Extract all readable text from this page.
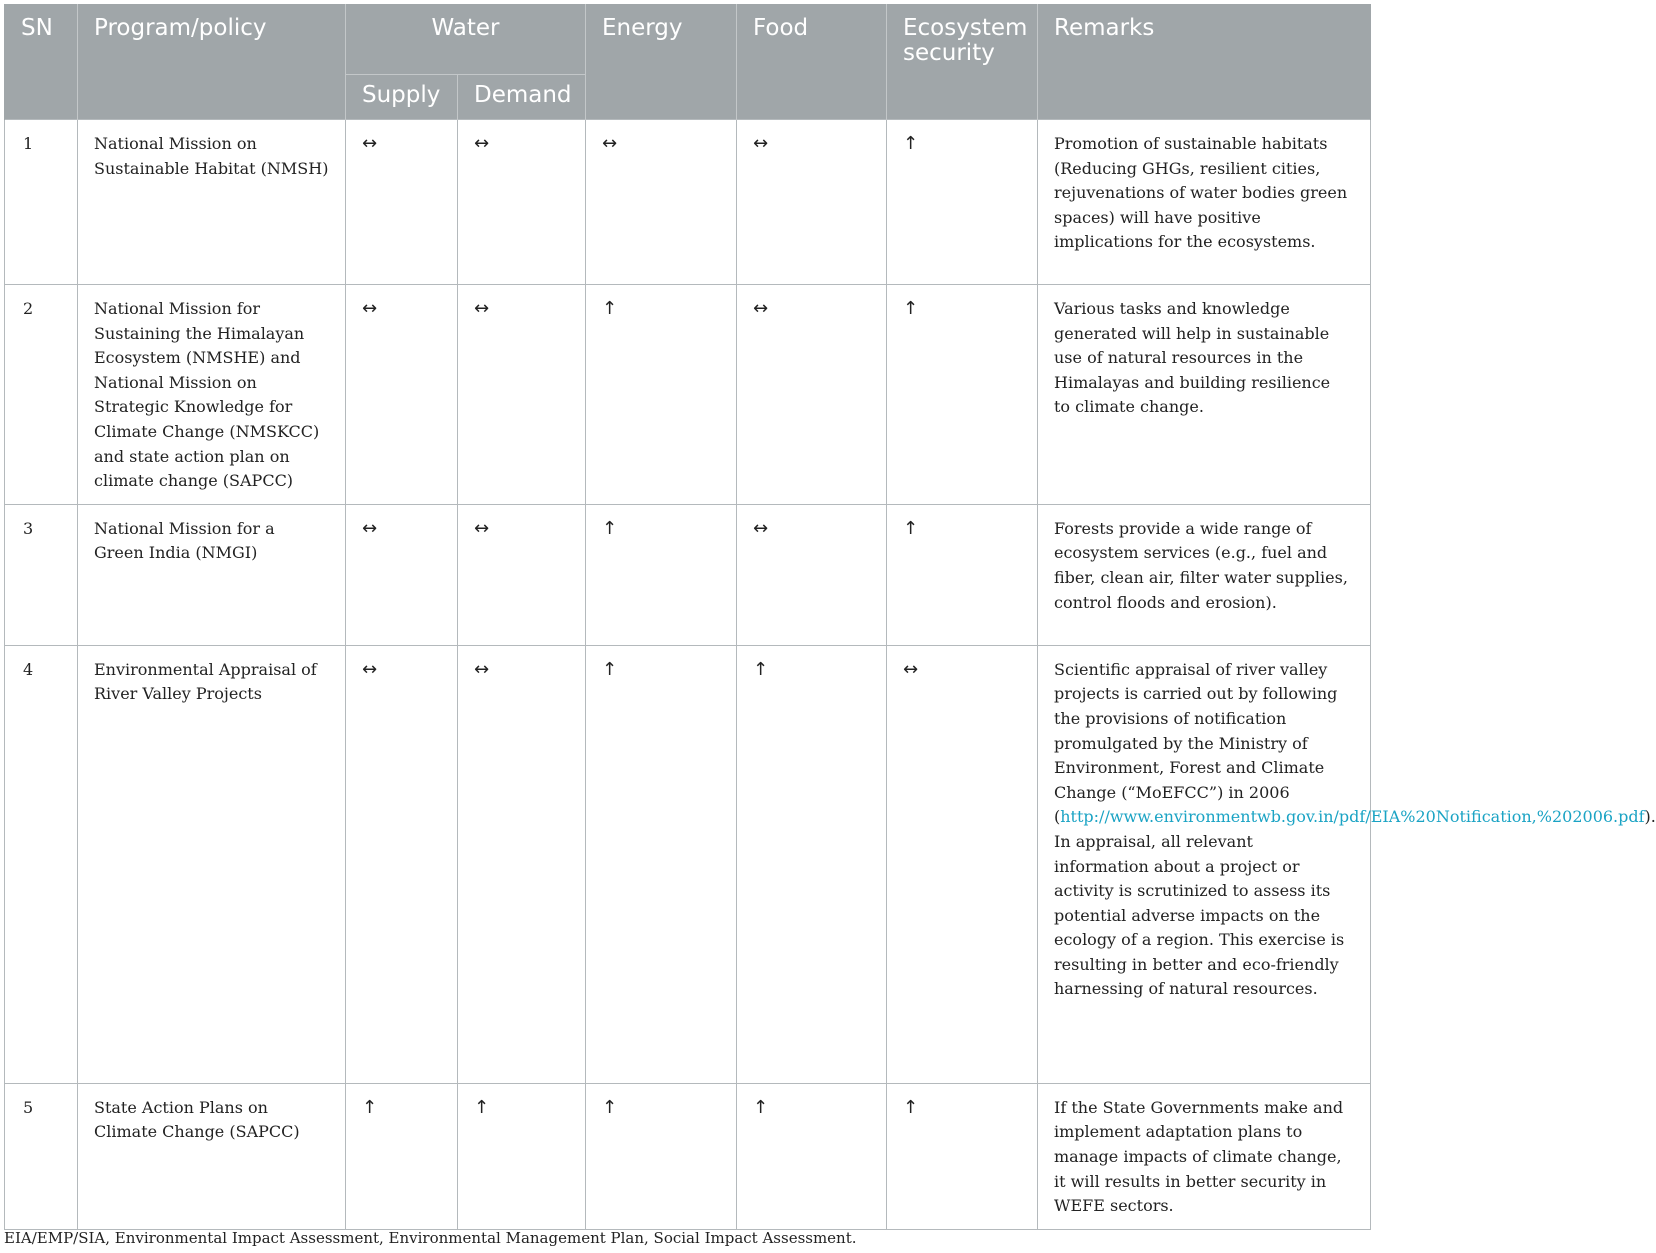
SN	Program/policy	Water		Energy	Food	Ecosystem security	Remarks
		Supply	Demand				
1	National Mission on Sustainable Habitat (NMSH)	↔	↔	↔	↔	↑	Promotion of sustainable habitats (Reducing GHGs, resilient cities, rejuvenations of water bodies green spaces) will have positive implications for the ecosystems.
2	National Mission for Sustaining the Himalayan Ecosystem (NMSHE) and National Mission on Strategic Knowledge for Climate Change (NMSKCC) and state action plan on climate change (SAPCC)	↔	↔	↑	↔	↑	Various tasks and knowledge generated will help in sustainable use of natural resources in the Himalayas and building resilience to climate change.
3	National Mission for a Green India (NMGI)	↔	↔	↑	↔	↑	Forests provide a wide range of ecosystem services (e.g., fuel and fiber, clean air, filter water supplies, control floods and erosion).
4	Environmental Appraisal of River Valley Projects	↔	↔	↑	↑	↔	Scientific appraisal of river valley projects is carried out by following the provisions of notification promulgated by the Ministry of Environment, Forest and Climate Change (“MoEFCC”) in 2006 (http://www.environmentwb.gov.in/pdf/EIA%20Notification,%202006.pdf). In appraisal, all relevant information about a project or activity is scrutinized to assess its potential adverse impacts on the ecology of a region. This exercise is resulting in better and eco-friendly harnessing of natural resources.
5	State Action Plans on Climate Change (SAPCC)	↑	↑	↑	↑	↑	If the State Governments make and implement adaptation plans to manage impacts of climate change, it will results in better security in WEFE sectors.
EIA/EMP/SIA, Environmental Impact Assessment, Environmental Management Plan, Social Impact Assessment.
